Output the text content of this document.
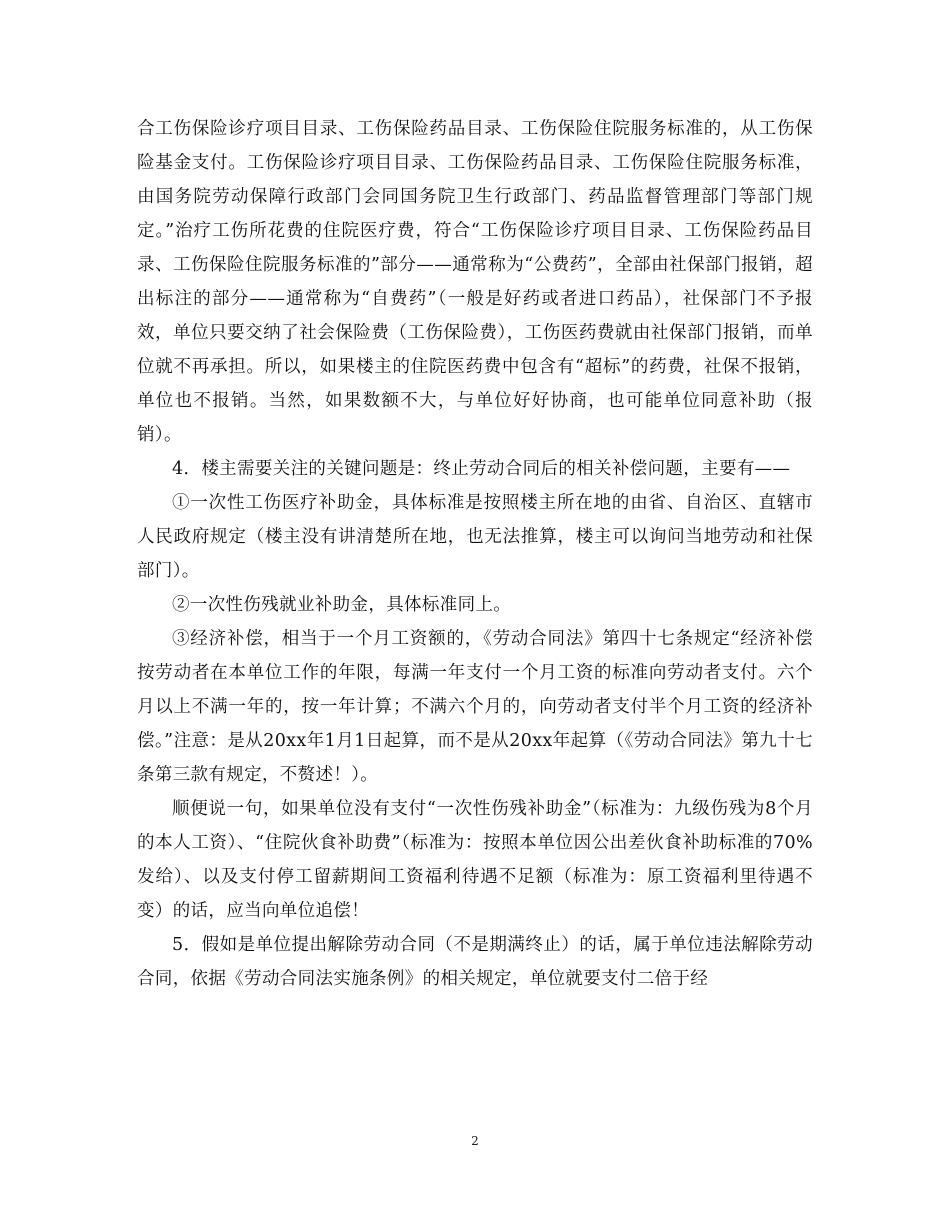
合工伤保险诊疗项目目录、工伤保险药品目录、工伤保险住院服务标准的，从工伤保险基金支付。工伤保险诊疗项目目录、工伤保险药品目录、工伤保险住院服务标准，由国务院劳动保障行政部门会同国务院卫生行政部门、药品监督管理部门等部门规定。”治疗工伤所花费的住院医疗费，符合“工伤保险诊疗项目目录、工伤保险药品目录、工伤保险住院服务标准的”部分——通常称为“公费药”，全部由社保部门报销，超出标注的部分——通常称为“自费药”（一般是好药或者进口药品），社保部门不予报效，单位只要交纳了社会保险费（工伤保险费），工伤医药费就由社保部门报销，而单位就不再承担。所以，如果楼主的住院医药费中包含有“超标”的药费，社保不报销，单位也不报销。当然，如果数额不大，与单位好好协商，也可能单位同意补助（报销）。

4．楼主需要关注的关键问题是：终止劳动合同后的相关补偿问题，主要有——

①一次性工伤医疗补助金，具体标准是按照楼主所在地的由省、自治区、直辖市人民政府规定（楼主没有讲清楚所在地，也无法推算，楼主可以询问当地劳动和社保部门）。

②一次性伤残就业补助金，具体标准同上。

③经济补偿，相当于一个月工资额的，《劳动合同法》第四十七条规定“经济补偿按劳动者在本单位工作的年限，每满一年支付一个月工资的标准向劳动者支付。六个月以上不满一年的，按一年计算；不满六个月的，向劳动者支付半个月工资的经济补偿。”注意：是从20xx年1月1日起算，而不是从20xx年起算（《劳动合同法》第九十七条第三款有规定，不赘述！）。

顺便说一句，如果单位没有支付“一次性伤残补助金”（标准为：九级伤残为8个月的本人工资）、“住院伙食补助费”（标准为：按照本单位因公出差伙食补助标准的70%发给）、以及支付停工留薪期间工资福利待遇不足额（标准为：原工资福利里待遇不变）的话，应当向单位追偿！

5．假如是单位提出解除劳动合同（不是期满终止）的话，属于单位违法解除劳动合同，依据《劳动合同法实施条例》的相关规定，单位就要支付二倍于经

2
